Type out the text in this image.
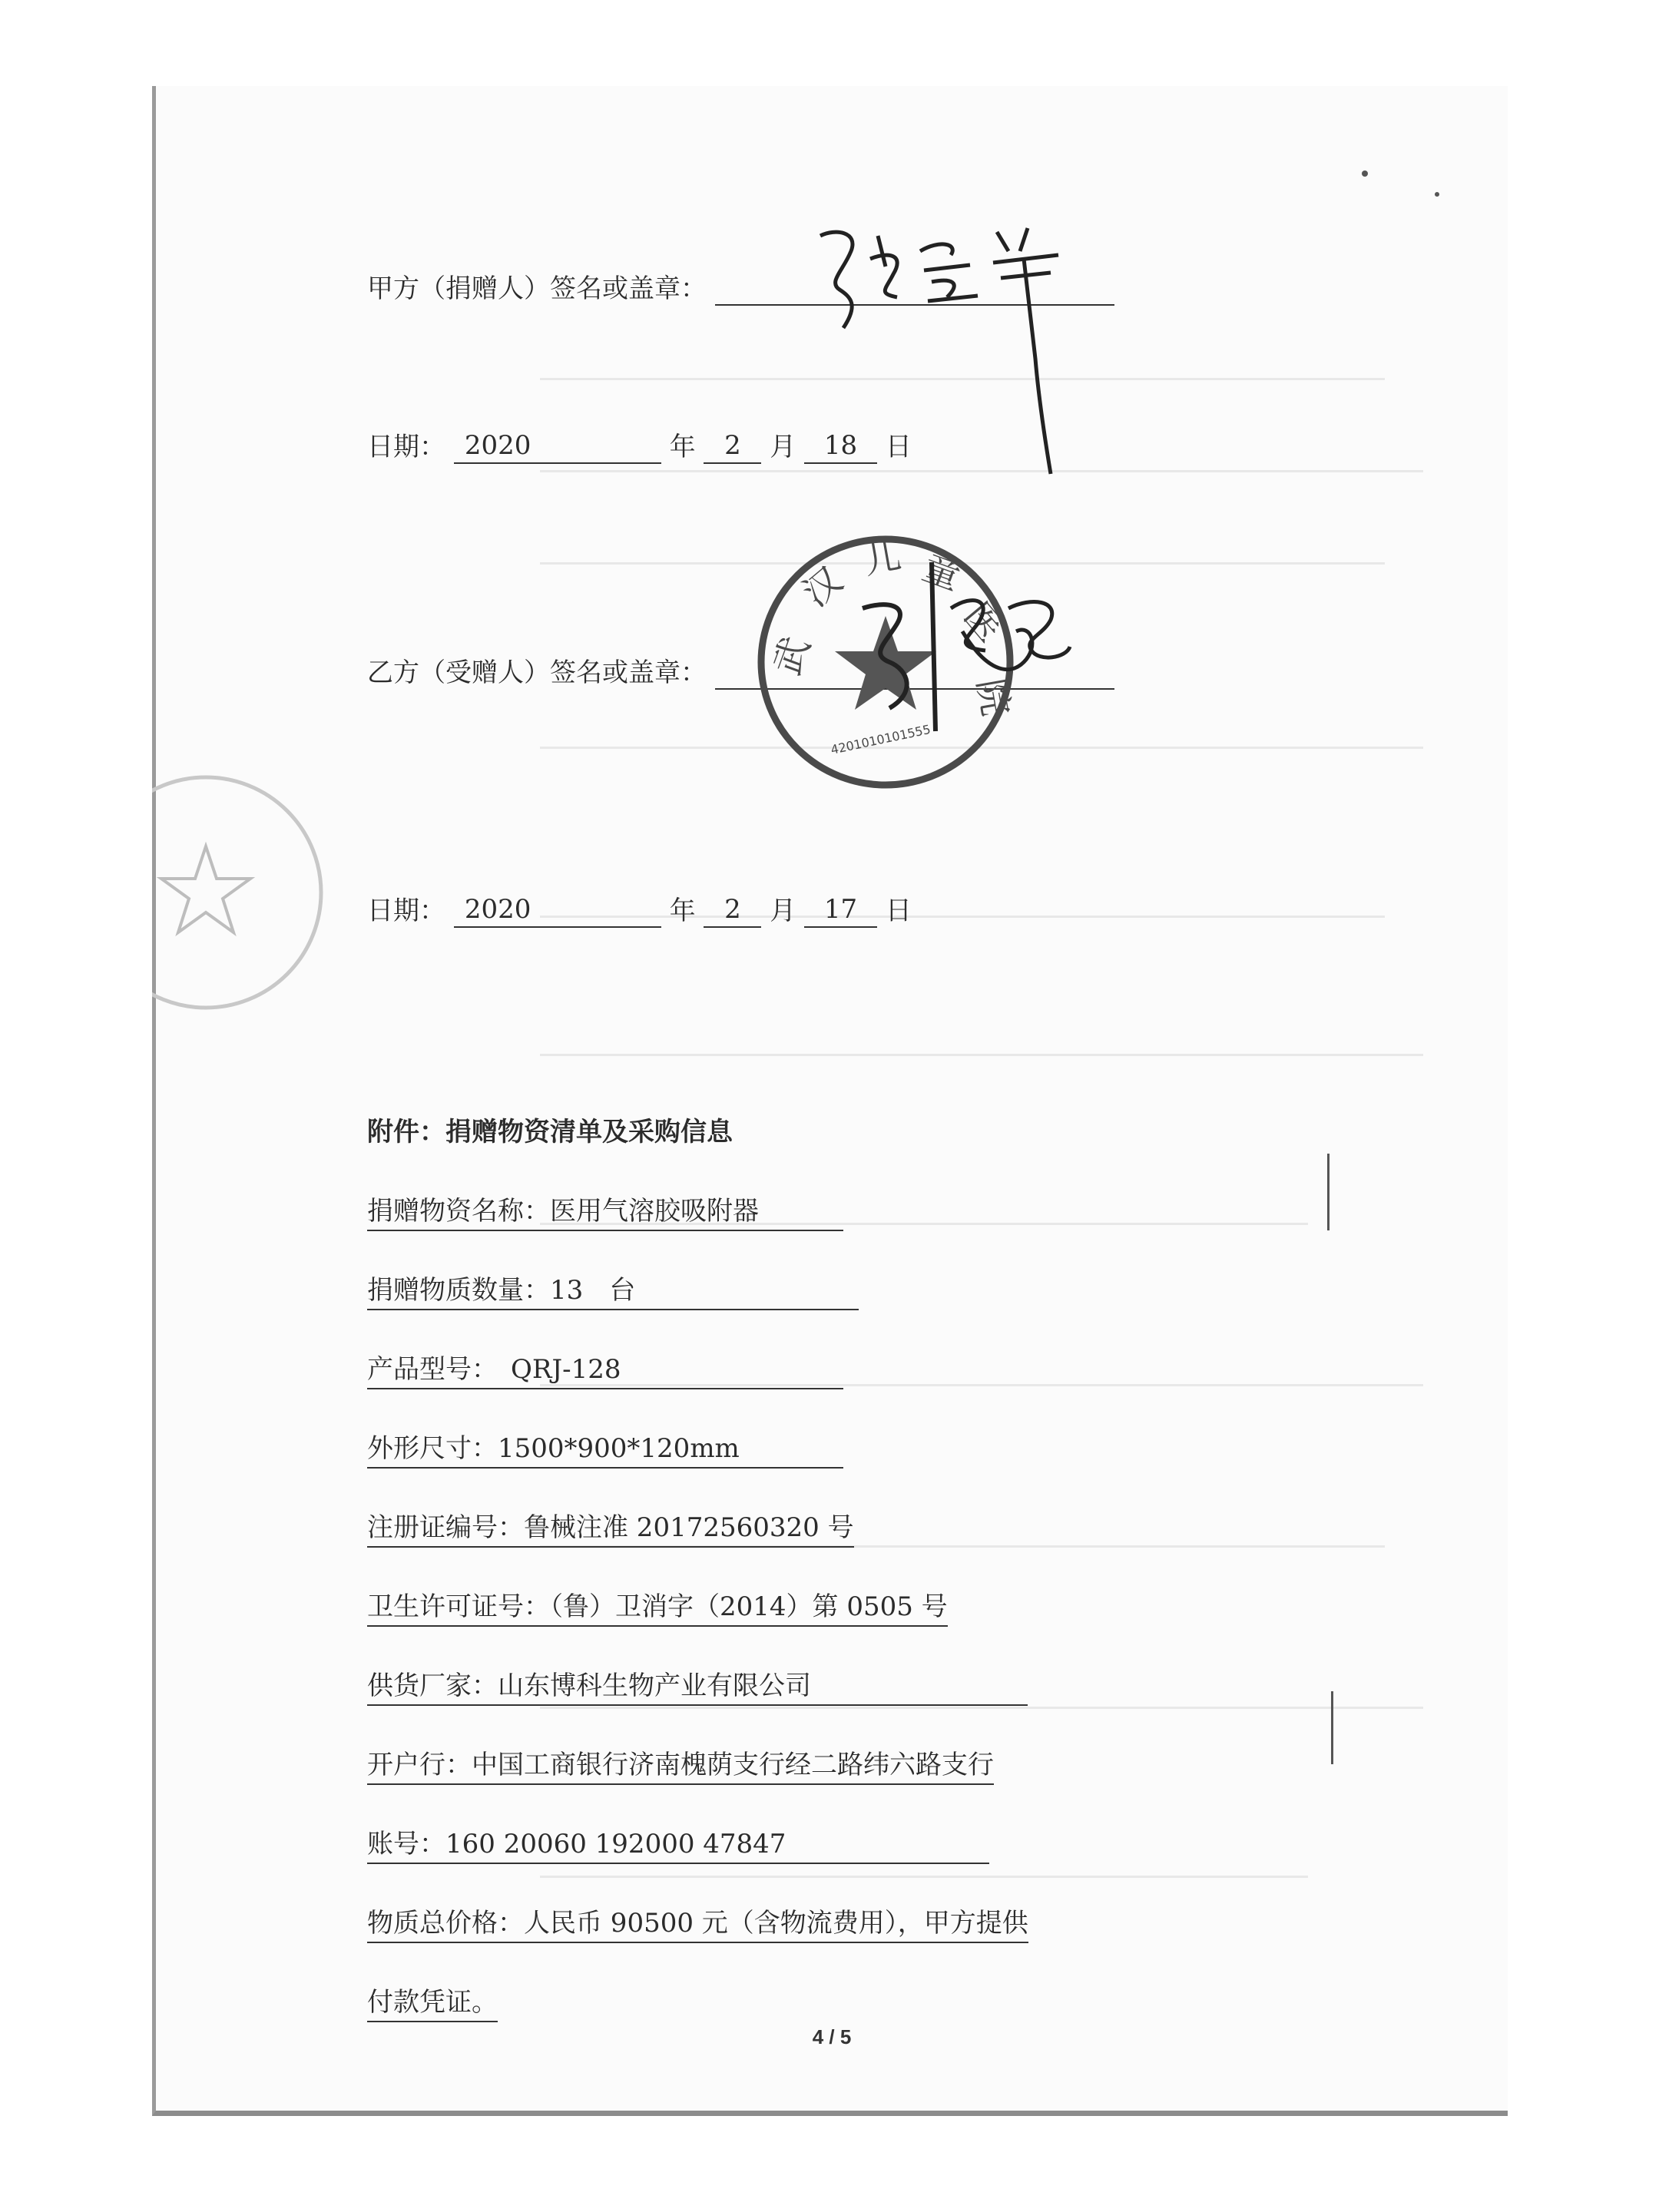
甲方（捐赠人）签名或盖章：
日期： 2020	年 2 月 18 日
乙方（受赠人）签名或盖章：	武
汉
儿 童
医
院
4201010101555
日期： 2020	年 2 月 17 日
附件：捐赠物资清单及采购信息
捐赠物资名称：医用气溶胶吸附器
捐赠物质数量：13　台
产品型号：　QRJ-128
外形尺寸：1500*900*120mm
注册证编号：鲁械注准 20172560320 号
卫生许可证号：（鲁）卫消字（2014）第 0505 号
供货厂家：山东博科生物产业有限公司
开户行：中国工商银行济南槐荫支行经二路纬六路支行
账号：160 20060 192000 47847
物质总价格：人民币 90500 元（含物流费用），甲方提供
付款凭证。
4 / 5
